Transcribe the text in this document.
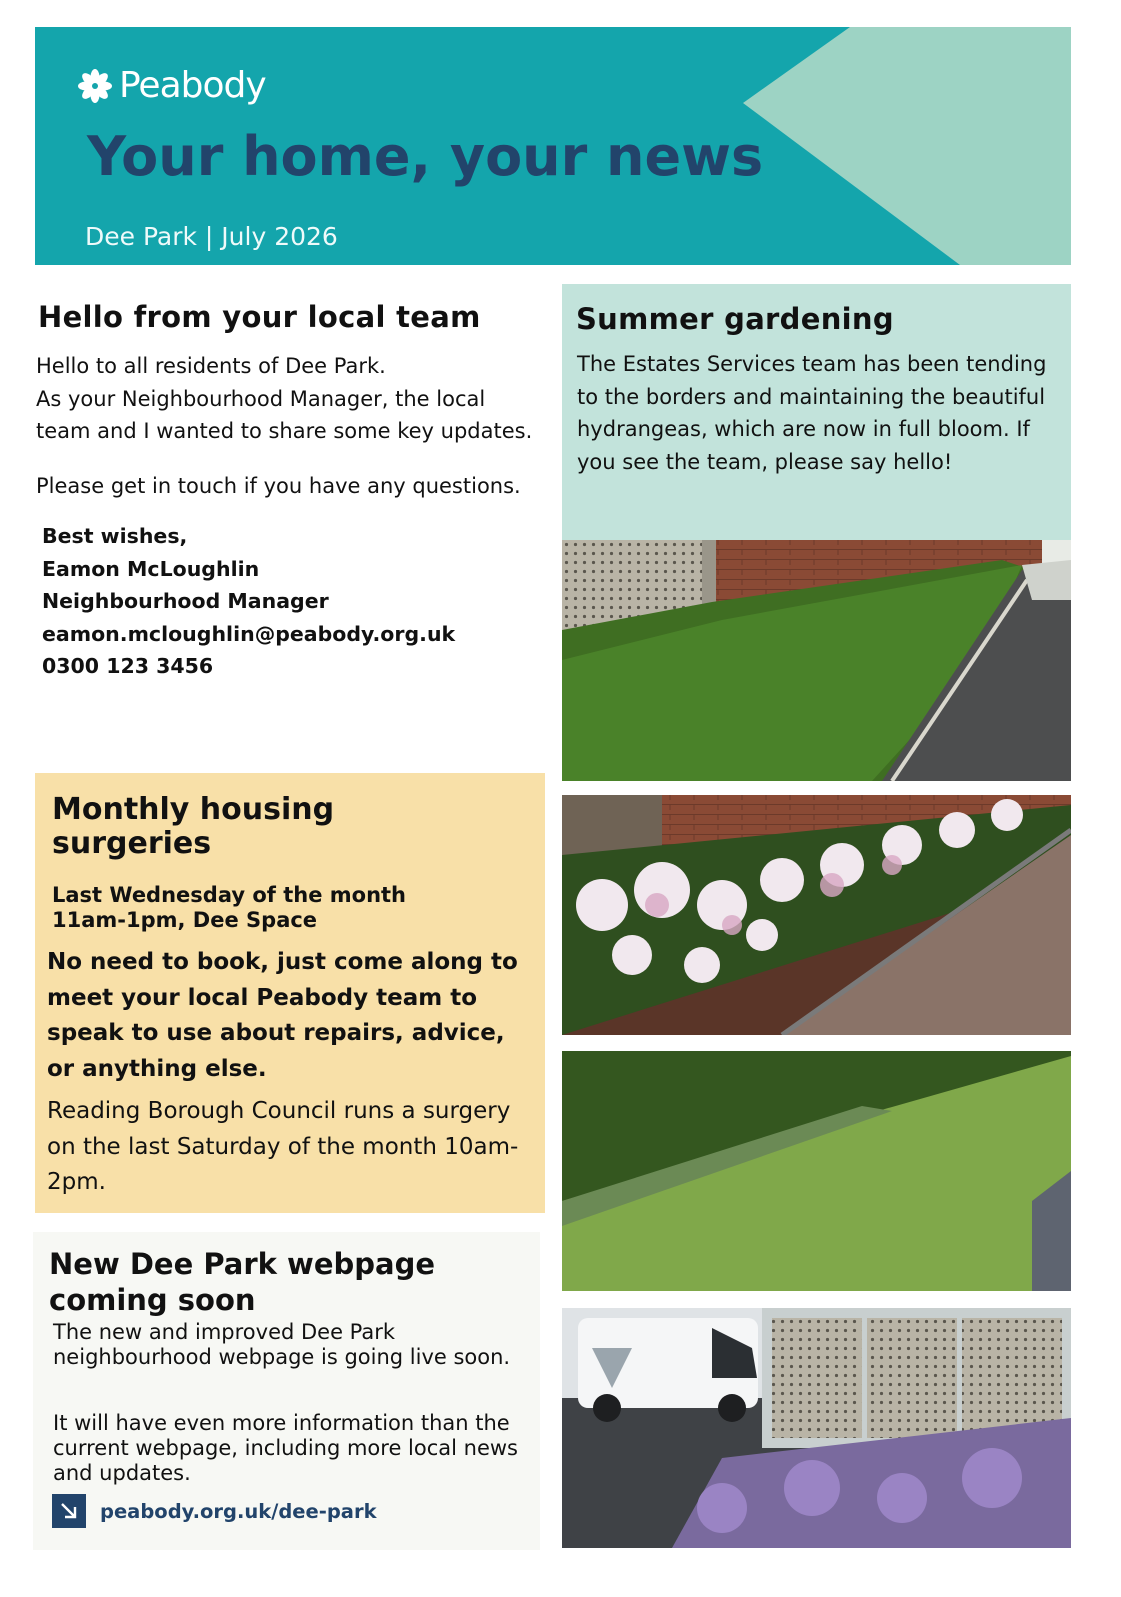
Peabody
Your home, your news
Dee Park | July 2026
Hello from your local team

Hello to all residents of Dee Park.

As your Neighbourhood Manager, the local team and I wanted to share some key updates.

Please get in touch if you have any questions.

Best wishes,
Eamon McLoughlin
Neighbourhood Manager
eamon.mcloughlin@peabody.org.uk
0300 123 3456
Monthly housing surgeries
Last Wednesday of the month
11am-1pm, Dee Space
No need to book, just come along to meet your local Peabody team to speak to use about repairs, advice, or anything else.
Reading Borough Council runs a surgery on the last Saturday of the month 10am-2pm.
New Dee Park webpage coming soon
The new and improved Dee Park neighbourhood webpage is going live soon.
It will have even more information than the current webpage, including more local news and updates.
peabody.org.uk/dee-park
Summer gardening

The Estates Services team has been tending to the borders and maintaining the beautiful hydrangeas, which are now in full bloom. If you see the team, please say hello!
